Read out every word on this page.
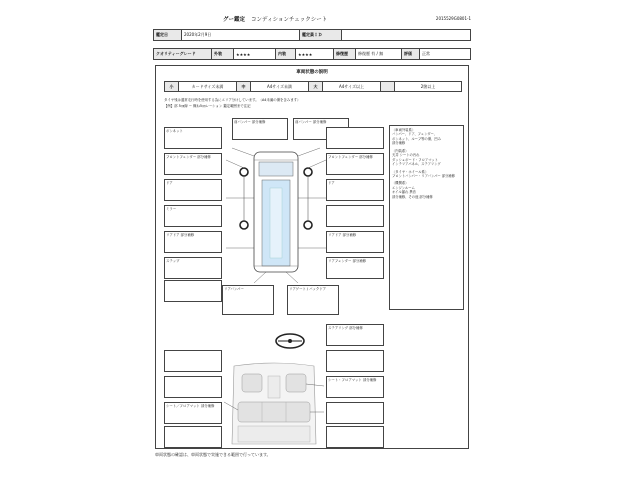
グー鑑定 コンディションチェックシート	2015529G0801-1
鑑定日	2020年2月9日	鑑定員ＩＤ	
クオリティーグレード	外装	★★★★	内装	★★★★	修復歴	修復歴 有 / 無	評価	正常
車両状態の説明
小	カードサイズ未満	中	A4サイズ未満	大	A4サイズ以上		2箇以上
タイヤ残は通常走行時を使用する為にエリア分けしています。（A4未満の傷を含みます）
【例】部 5㎝線 ー 概ね5㎝レーション 鑑定範囲まで注記
前バンパー 部分補修	前バンパー 部分補修
ボンネット
フロントフェンダー 部分補修	フロントフェンダー 部分補修
ドア	ドア
ミラー
リアドア 部分補修	リアドア 部分補修
ステップ	リアフェンダー 部分補修
リアバンパー	リアゲート / バックドア
〈車両外装系〉
バンパー、ドア、フェンダー、
ボンネット、ルーフ等の傷、凹み
部分補修
〈内装系〉
天井 シートの汚れ
ダッシュボード・フロアマット
インテリアパネル、ステアリング
〈タイヤ・ホイール系〉
フロントバンパー・リアバンパー 部分補修
〈機関系〉
エンジンルーム
オイル漏れ 異音
部分補修、その他 部分補修
ステアリング 部分補修
シート・フロアマット 部分補修
シート／フロアマット 部分補修
車両状態の確認は、車両状態で実施できる範囲で行っています。
